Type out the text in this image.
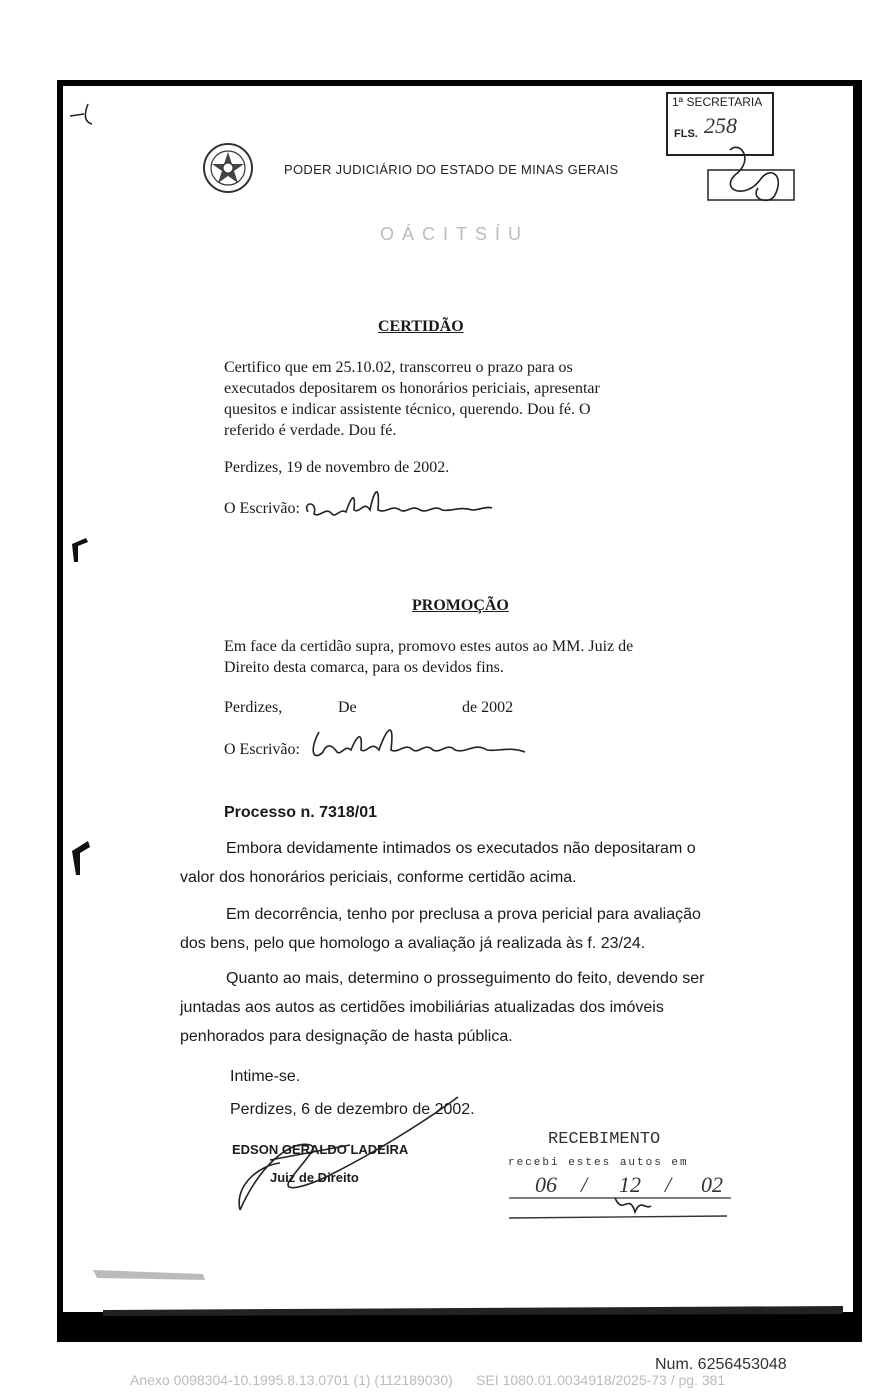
PODER JUDICIÁRIO DO ESTADO DE MINAS GERAIS
OÁCITSÍU
1ª SECRETARIA
FLS. 258
CERTIDÃO
Certifico que em 25.10.02, transcorreu o prazo para os
executados depositarem os honorários periciais, apresentar
quesitos e indicar assistente técnico, querendo. Dou fé. O
referido é verdade. Dou fé.
Perdizes, 19 de novembro de 2002.
O Escrivão:
PROMOÇÃO
Em face da certidão supra, promovo estes autos ao MM. Juiz de
Direito desta comarca, para os devidos fins.
Perdizes,	De	de 2002
O Escrivão:
Processo n. 7318/01
Embora devidamente intimados os executados não depositaram o
valor dos honorários periciais, conforme certidão acima.
Em decorrência, tenho por preclusa a prova pericial para avaliação
dos bens, pelo que homologo a avaliação já realizada às f. 23/24.
Quanto ao mais, determino o prosseguimento do feito, devendo ser
juntadas aos autos as certidões imobiliárias atualizadas dos imóveis
penhorados para designação de hasta pública.
Intime-se.
Perdizes, 6 de dezembro de 2002.
EDSON GERALDO LADEIRA
Juiz de Direito
RECEBIMENTO
recebi estes autos em
06 / 12 / 02
Num. 6256453048
Anexo 0098304-10.1995.8.13.0701 (1) (112189030)      SEI 1080.01.0034918/2025-73 / pg. 381
